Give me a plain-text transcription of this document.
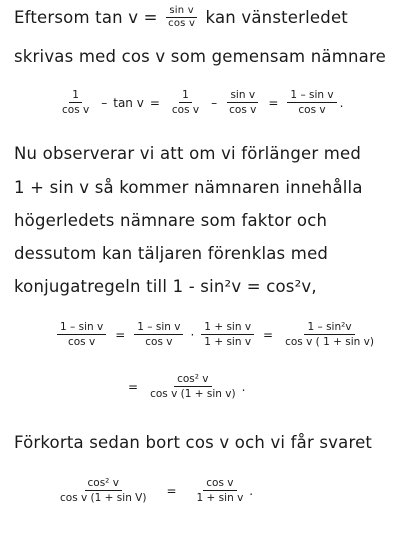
Eftersom $\tan v = \frac{\text{sin v}}{\text{cos v}}$ kan vänsterledet
skrivas med cos v som gemensam nämnare
$\frac{1}{\text{cos v}} - \tan v = \frac{1}{\text{cos v}} - \frac{\text{sin v}}{\text{cos v}} = \frac{\text{1 – sin v}}{\text{cos v}}$ .
Nu observerar vi att om vi förlänger med
1 + sin v så kommer nämnaren innehålla
högerledets nämnare som faktor och
dessutom kan täljaren förenklas med
konjugatregeln till 1 - sin²v = cos²v,
$\frac{\text{1 – sin v}}{\text{cos v}} = \frac{\text{1 – sin v}}{\text{cos v}} \cdot \frac{\text{1 + sin v}}{\text{1 + sin v}} = \frac{\text{1 – sin²v}}{\text{cos v ( 1 + sin v)}}$
= $\frac{\text{cos² v}}{\text{cos v (1 + sin v)}}$ .
Förkorta sedan bort cos v och vi får svaret
$\frac{\text{cos² v}}{\text{cos v (1 + sin V)}} = \frac{\text{cos v}}{\text{1 + sin v}}$ .
